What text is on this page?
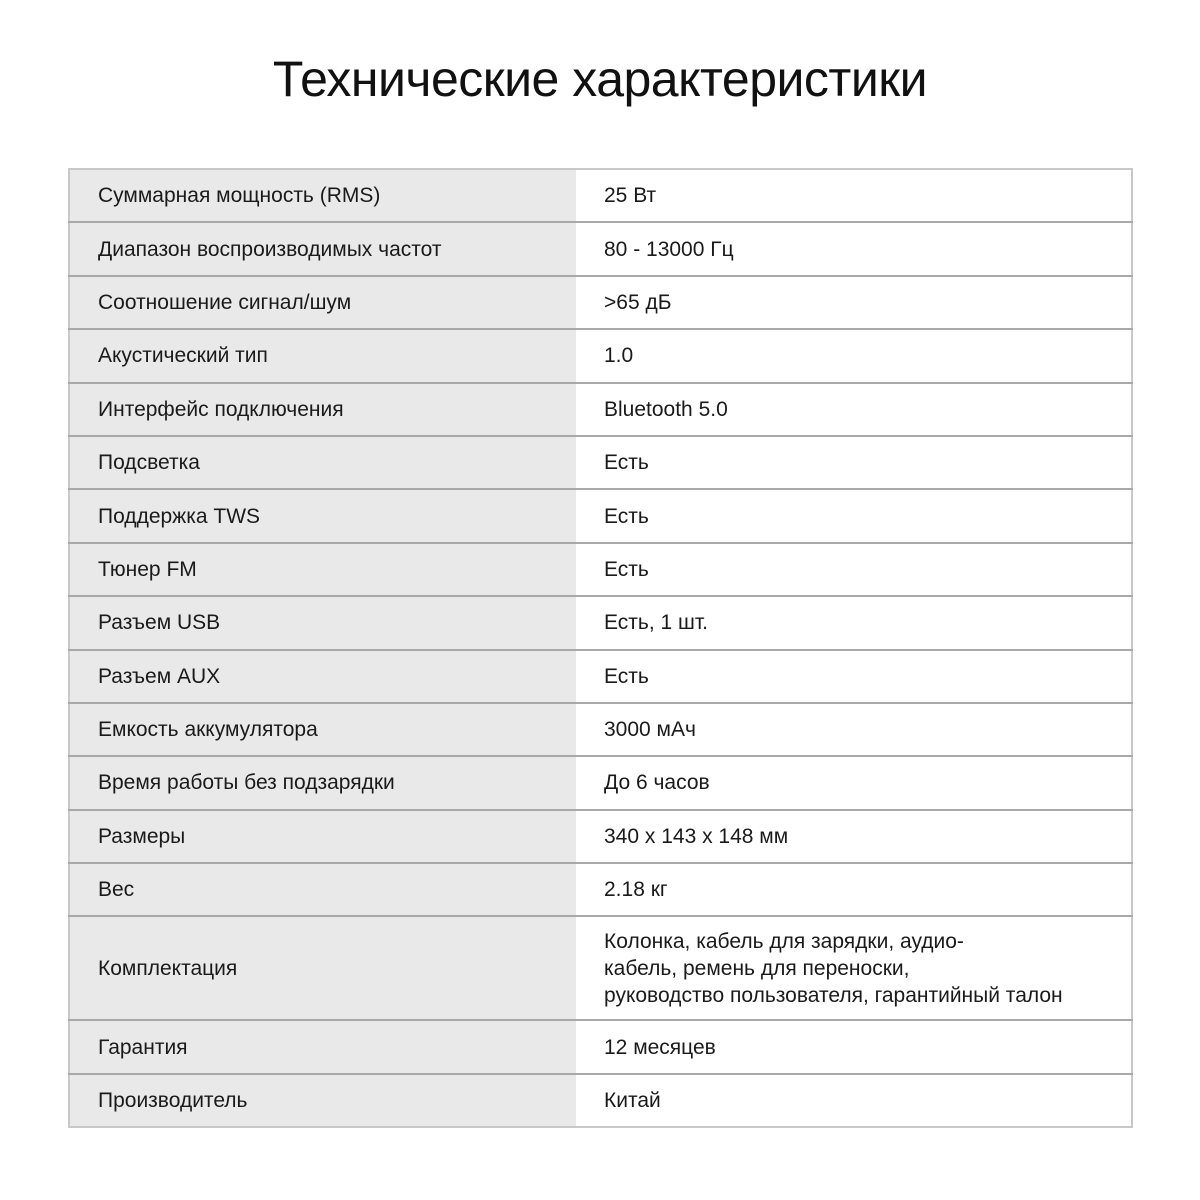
Технические характеристики
Суммарная мощность (RMS)	25 Вт
Диапазон воспроизводимых частот	80 - 13000 Гц
Соотношение сигнал/шум	>65 дБ
Акустический тип	1.0
Интерфейс подключения	Bluetooth 5.0
Подсветка	Есть
Поддержка TWS	Есть
Тюнер FM	Есть
Разъем USB	Есть, 1 шт.
Разъем AUX	Есть
Емкость аккумулятора	3000 мАч
Время работы без подзарядки	До 6 часов
Размеры	340 x 143 x 148 мм
Вес	2.18 кг
Комплектация	Колонка, кабель для зарядки, аудио-
кабель, ремень для переноски,
руководство пользователя, гарантийный талон

Гарантия	12 месяцев
Производитель	Китай
